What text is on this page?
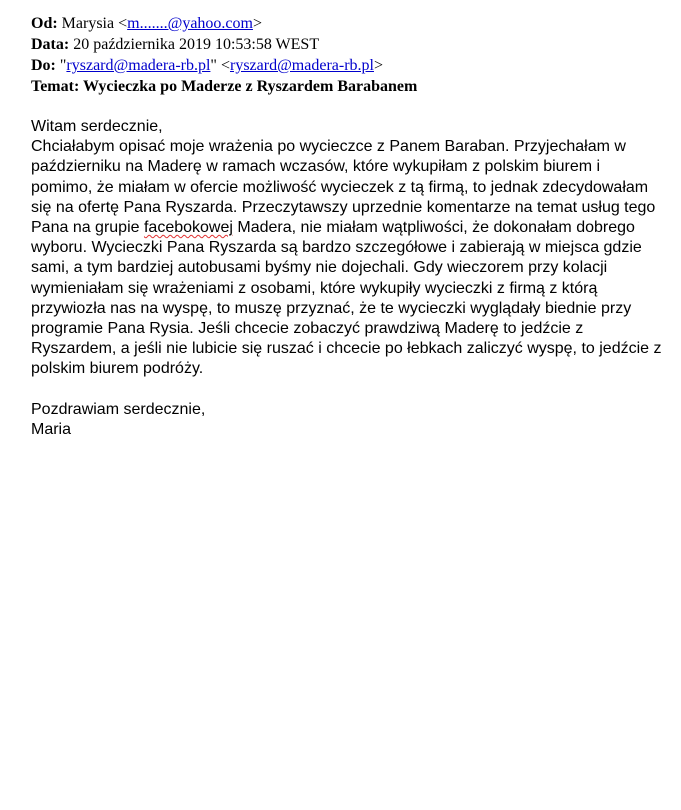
Od: Marysia <m.......@yahoo.com>
Data: 20 października 2019 10:53:58 WEST
Do: "ryszard@madera-rb.pl" <ryszard@madera-rb.pl>
Temat: Wycieczka po Maderze z Ryszardem Barabanem

Witam serdecznie,

Chciałabym opisać moje wrażenia po wycieczce z Panem Baraban. Przyjechałam w październiku na Maderę w ramach wczasów, które wykupiłam z polskim biurem i pomimo, że miałam w ofercie możliwość wycieczek z tą firmą, to jednak zdecydowałam się na ofertę Pana Ryszarda. Przeczytawszy uprzednie komentarze na temat usług tego Pana na grupie facebokowej Madera, nie miałam wątpliwości, że dokonałam dobrego wyboru. Wycieczki Pana Ryszarda są bardzo szczegółowe i zabierają w miejsca gdzie sami, a tym bardziej autobusami byśmy nie dojechali. Gdy wieczorem przy kolacji wymieniałam się wrażeniami z osobami, które wykupiły wycieczki z firmą z którą przywiozła nas na wyspę, to muszę przyznać, że te wycieczki wyglądały biednie przy programie Pana Rysia. Jeśli chcecie zobaczyć prawdziwą Maderę to jedźcie z Ryszardem, a jeśli nie lubicie się ruszać i chcecie po łebkach zaliczyć wyspę, to jedźcie z polskim biurem podróży.

Pozdrawiam serdecznie,

Maria
